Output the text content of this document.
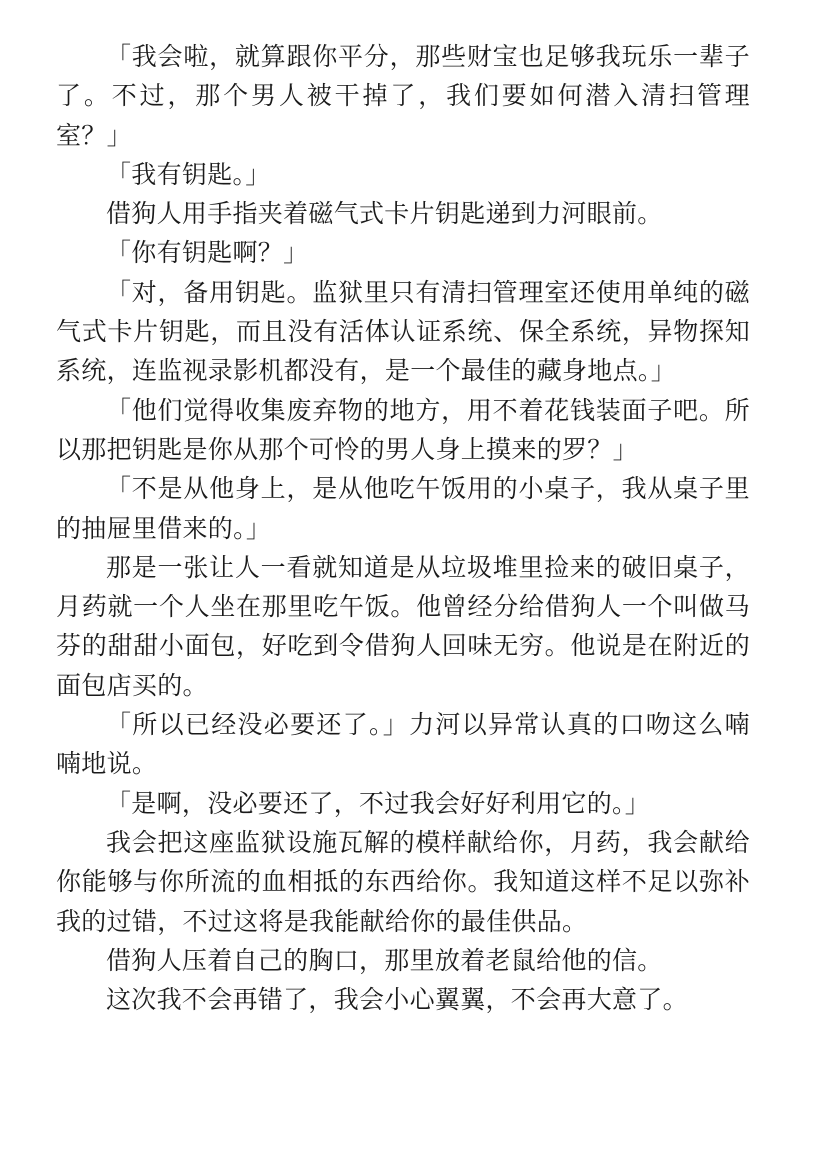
「我会啦，就算跟你平分，那些财宝也足够我玩乐一辈子了。不过，那个男人被干掉了，我们要如何潜入清扫管理室？」

「我有钥匙。」

借狗人用手指夹着磁气式卡片钥匙递到力河眼前。

「你有钥匙啊？」

「对，备用钥匙。监狱里只有清扫管理室还使用单纯的磁气式卡片钥匙，而且没有活体认证系统、保全系统，异物探知系统，连监视录影机都没有，是一个最佳的藏身地点。」

「他们觉得收集废弃物的地方，用不着花钱装面子吧。所以那把钥匙是你从那个可怜的男人身上摸来的罗？」

「不是从他身上，是从他吃午饭用的小桌子，我从桌子里的抽屉里借来的。」

那是一张让人一看就知道是从垃圾堆里捡来的破旧桌子，月药就一个人坐在那里吃午饭。他曾经分给借狗人一个叫做马芬的甜甜小面包，好吃到令借狗人回味无穷。他说是在附近的面包店买的。

「所以已经没必要还了。」力河以异常认真的口吻这么喃喃地说。

「是啊，没必要还了，不过我会好好利用它的。」

我会把这座监狱设施瓦解的模样献给你，月药，我会献给你能够与你所流的血相抵的东西给你。我知道这样不足以弥补我的过错，不过这将是我能献给你的最佳供品。

借狗人压着自己的胸口，那里放着老鼠给他的信。

这次我不会再错了，我会小心翼翼，不会再大意了。
